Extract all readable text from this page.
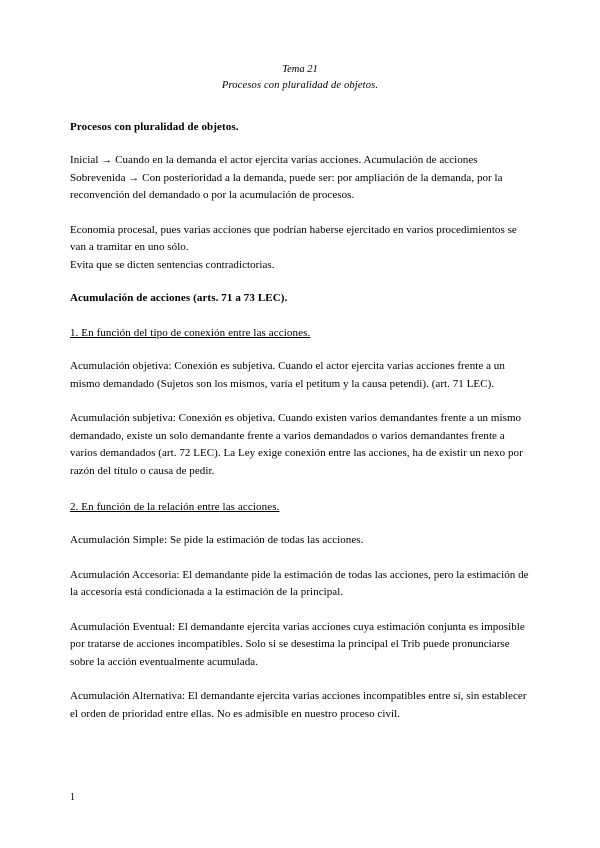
Tema 21
Procesos con pluralidad de objetos.
Procesos con pluralidad de objetos.
Inicial → Cuando en la demanda el actor ejercita varias acciones. Acumulación de acciones Sobrevenida → Con posterioridad a la demanda, puede ser: por ampliación de la demanda, por la reconvención del demandado o por la acumulación de procesos.
Economía procesal, pues varias acciones que podrían haberse ejercitado en varios procedimientos se van a tramitar en uno sólo.
Evita que se dicten sentencias contradictorias.
Acumulación de acciones (arts. 71 a 73 LEC).
1. En función del tipo de conexión entre las acciones.
Acumulación objetiva: Conexión es subjetiva. Cuando el actor ejercita varias acciones frente a un mismo demandado (Sujetos son los mismos, varía el petitum y la causa petendi). (art. 71 LEC).
Acumulación subjetiva: Conexión es objetiva. Cuando existen varios demandantes frente a un mismo demandado, existe un solo demandante frente a varios demandados o varios demandantes frente a varios demandados (art. 72 LEC). La Ley exige conexión entre las acciones, ha de existir un nexo por razón del título o causa de pedir.
2. En función de la relación entre las acciones.
Acumulación Simple: Se pide la estimación de todas las acciones.
Acumulación Accesoria: El demandante pide la estimación de todas las acciones, pero la estimación de la accesoria está condicionada a la estimación de la principal.
Acumulación Eventual: El demandante ejercita varias acciones cuya estimación conjunta es imposible por tratarse de acciones incompatibles. Solo si se desestima la principal el Trib puede pronunciarse sobre la acción eventualmente acumulada.
Acumulación Alternativa: El demandante ejercita varias acciones incompatibles entre sí, sin establecer el orden de prioridad entre ellas. No es admisible en nuestro proceso civil.
1
